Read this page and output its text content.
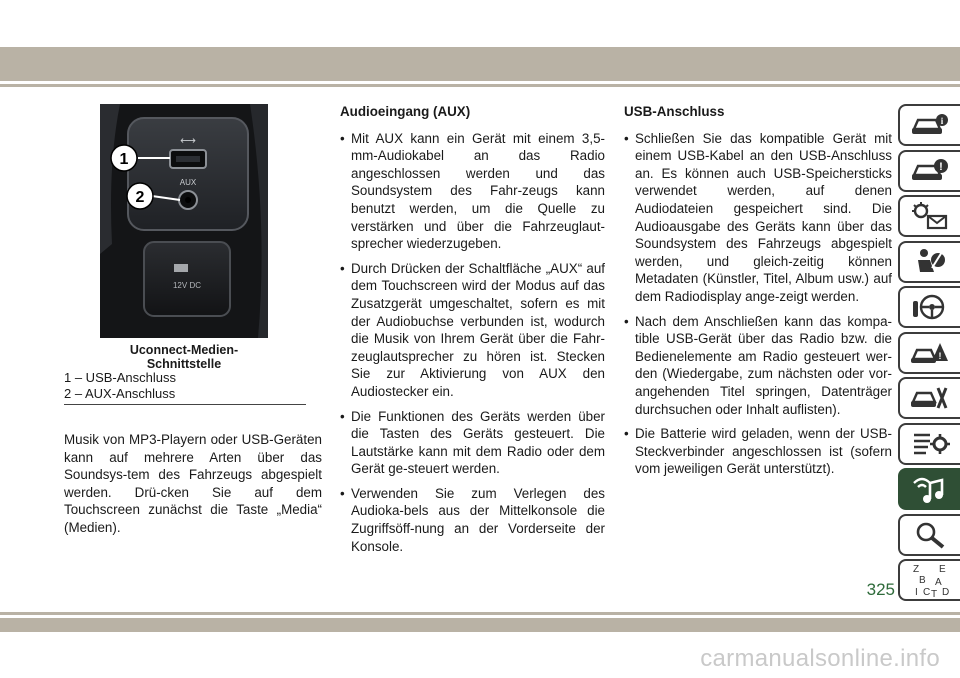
⟷
AUX
12V DC
1
2
Uconnect-Medien-Schnittstelle
1 – USB-Anschluss
2 – AUX-Anschluss
Musik von MP3-Playern oder USB-Geräten kann auf mehrere Arten über das Soundsys-tem des Fahrzeugs abgespielt werden. Drü-cken Sie auf dem Touchscreen zunächst die Taste „Media“ (Medien).
Audioeingang (AUX)
• Mit AUX kann ein Gerät mit einem 3,5-mm-Audiokabel an das Radio angeschlossen werden und das Soundsystem des Fahr-zeugs kann benutzt werden, um die Quelle zu verstärken und über die Fahrzeuglaut-sprecher wiederzugeben.
• Durch Drücken der Schaltfläche „AUX“ auf dem Touchscreen wird der Modus auf das Zusatzgerät umgeschaltet, sofern es mit der Audiobuchse verbunden ist, wodurch die Musik von Ihrem Gerät über die Fahr-zeuglautsprecher zu hören ist. Stecken Sie zur Aktivierung von AUX den Audiostecker ein.
• Die Funktionen des Geräts werden über die Tasten des Geräts gesteuert. Die Lautstärke kann mit dem Radio oder dem Gerät ge-steuert werden.
• Verwenden Sie zum Verlegen des Audioka-bels aus der Mittelkonsole die Zugriffsöff-nung an der Vorderseite der Konsole.
USB-Anschluss
• Schließen Sie das kompatible Gerät mit einem USB-Kabel an den USB-Anschluss an. Es können auch USB-Speichersticks verwendet werden, auf denen Audiodateien gespeichert sind. Die Audioausgabe des Geräts kann über das Soundsystem des Fahrzeugs abgespielt werden, und gleich-zeitig können Metadaten (Künstler, Titel, Album usw.) auf dem Radiodisplay ange-zeigt werden.
• Nach dem Anschließen kann das kompa-tible USB-Gerät über das Radio bzw. die Bedienelemente am Radio gesteuert wer-den (Wiedergabe, zum nächsten oder vor-angehenden Titel springen, Datenträger durchsuchen oder Inhalt auflisten).
• Die Batterie wird geladen, wenn der USB-Steckverbinder angeschlossen ist (sofern vom jeweiligen Gerät unterstützt).
i
!
!
Z E
B A
I C T D
325
carmanualsonline.info
